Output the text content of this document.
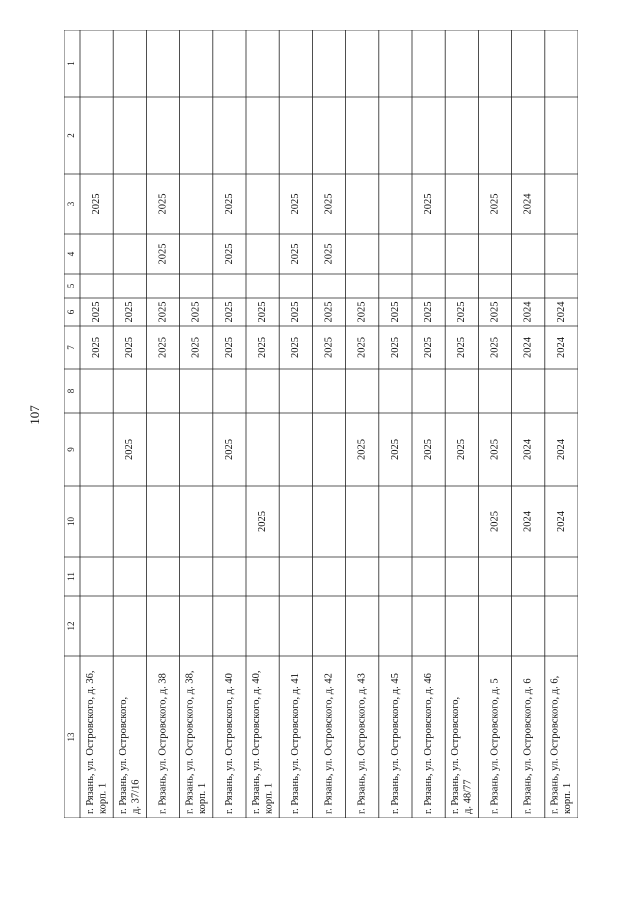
107
1
2
3
4
5
6
7
8
9
10
11
12
13 г. Рязань, ул. Островского, д. 36, корп. 1
2025
2025
2025
г. Рязань, ул. Островского, д. 37/16
2025
2025
2025
г. Рязань, ул. Островского, д. 38
2025
2025
2025
2025
г. Рязань, ул. Островского, д. 38, корп. 1
2025
2025
г. Рязань, ул. Островского, д. 40
2025
2025
2025
2025
2025
г. Рязань, ул. Островского, д. 40, корп. 1
2025
2025
2025
г. Рязань, ул. Островского, д. 41
2025
2025
2025
2025
г. Рязань, ул. Островского, д. 42
2025
2025
2025
2025
г. Рязань, ул. Островского, д. 43
2025
2025
2025
г. Рязань, ул. Островского, д. 45
2025
2025
2025
г. Рязань, ул. Островского, д. 46
2025
2025
2025
2025
г. Рязань, ул. Островского, д. 48/77
2025
2025
2025
г. Рязань, ул. Островского, д. 5
2025
2025
2025
2025
2025
г. Рязань, ул. Островского, д. 6
2024
2024
2024
2024
2024
г. Рязань, ул. Островского, д. 6, корп. 1
2024
2024
2024
2024
